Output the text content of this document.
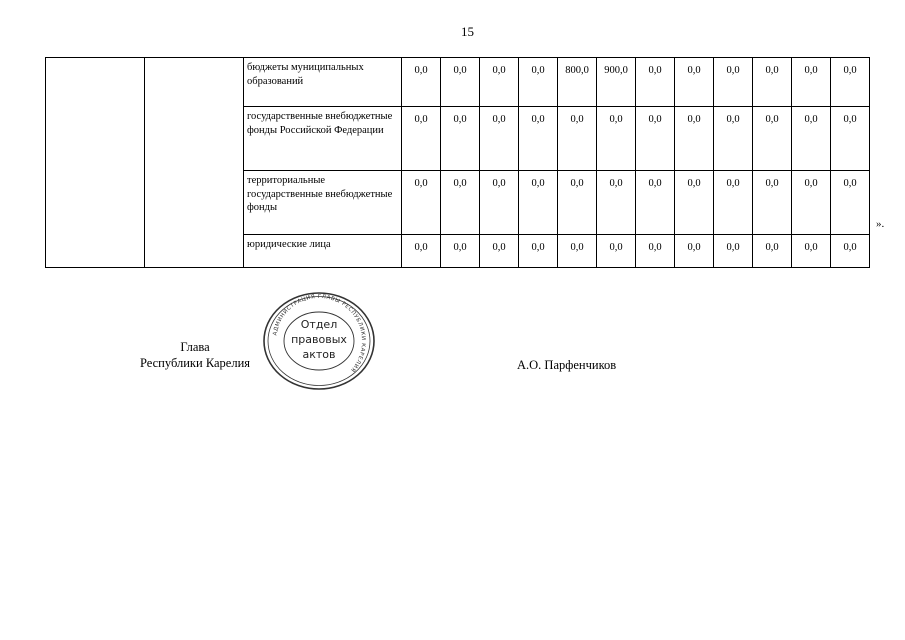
15
		бюджеты муниципальных образований	0,0	0,0	0,0	0,0	800,0	900,0	0,0	0,0	0,0	0,0	0,0	0,0
		государственные внебюджетные фонды Российской Федерации	0,0	0,0	0,0	0,0	0,0	0,0	0,0	0,0	0,0	0,0	0,0	0,0
		территориальные государственные внебюджетные фонды	0,0	0,0	0,0	0,0	0,0	0,0	0,0	0,0	0,0	0,0	0,0	0,0
		юридические лица	0,0	0,0	0,0	0,0	0,0	0,0	0,0	0,0	0,0	0,0	0,0	0,0
».
Глава
Республики Карелия	А.О. Парфенчиков
АДМИНИСТРАЦИЯ ГЛАВЫ РЕСПУБЛИКИ КАРЕЛИЯ
Отдел
правовых
актов
